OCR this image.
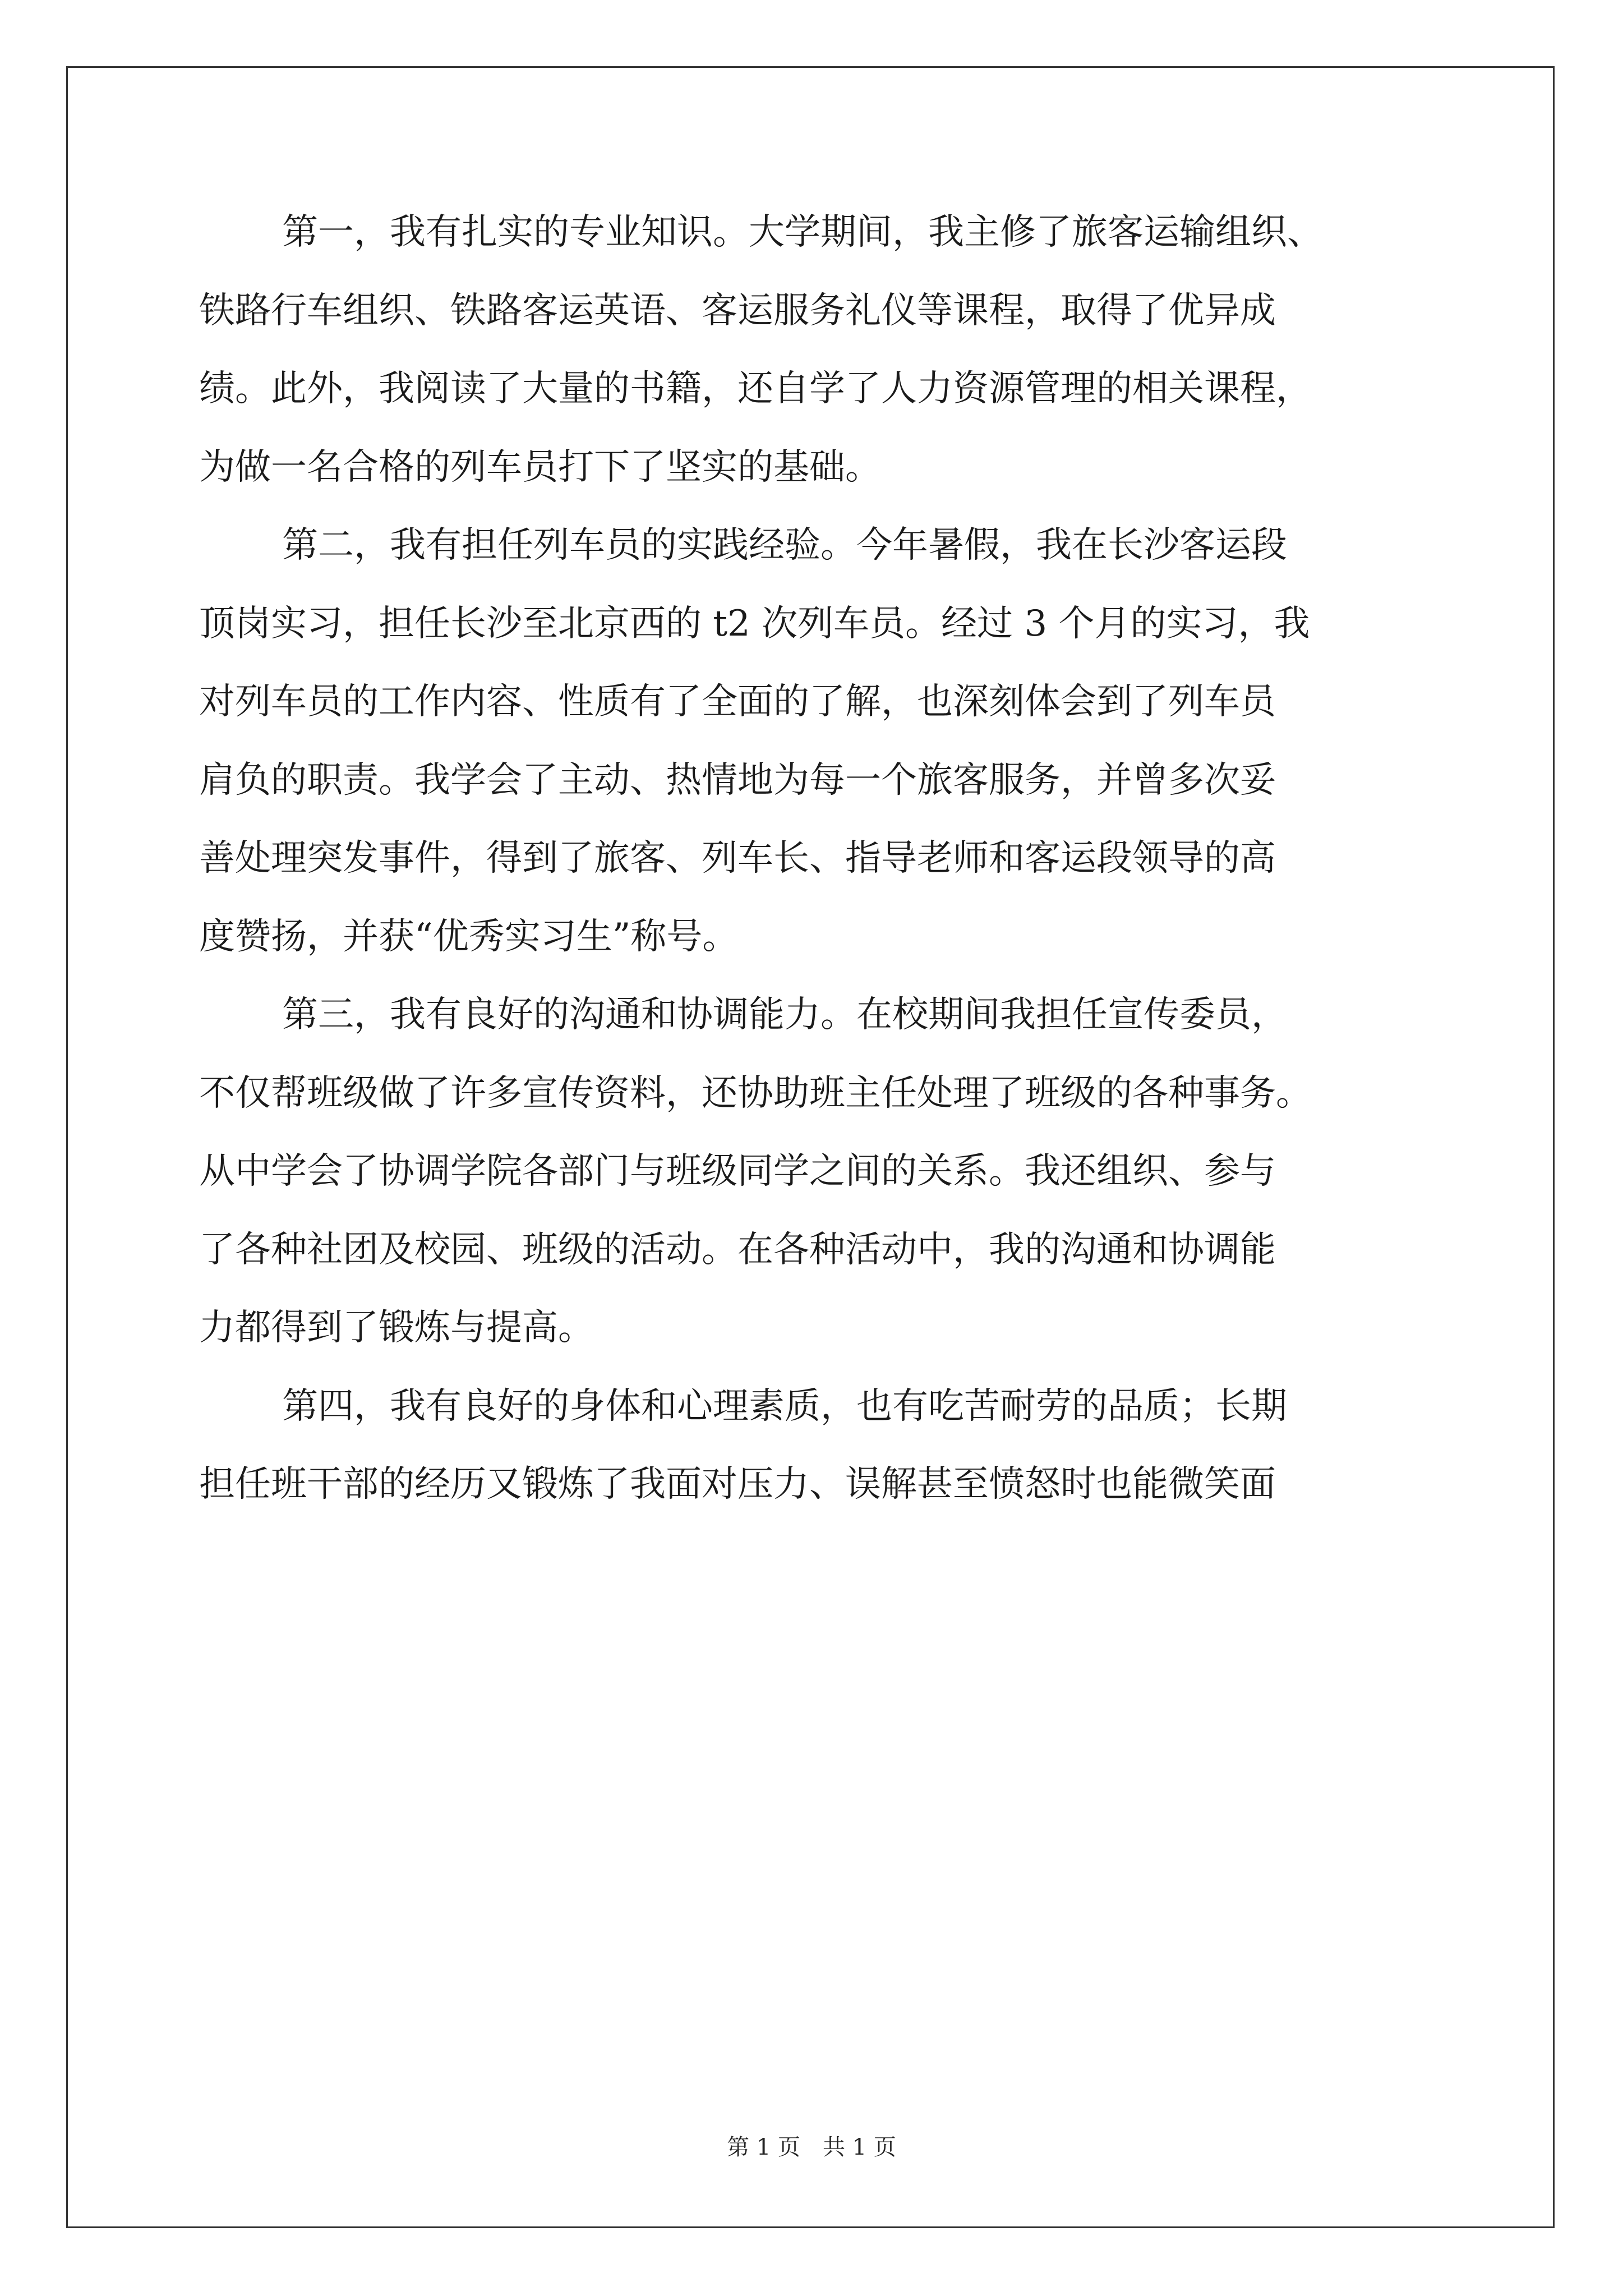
第一，我有扎实的专业知识。大学期间，我主修了旅客运输组织、
铁路行车组织、铁路客运英语、客运服务礼仪等课程，取得了优异成
绩。此外，我阅读了大量的书籍，还自学了人力资源管理的相关课程，
为做一名合格的列车员打下了坚实的基础。
第二，我有担任列车员的实践经验。今年暑假，我在长沙客运段
顶岗实习，担任长沙至北京西的 t2 次列车员。经过 3 个月的实习，我
对列车员的工作内容、性质有了全面的了解，也深刻体会到了列车员
肩负的职责。我学会了主动、热情地为每一个旅客服务，并曾多次妥
善处理突发事件，得到了旅客、列车长、指导老师和客运段领导的高
度赞扬，并获“优秀实习生”称号。
第三，我有良好的沟通和协调能力。在校期间我担任宣传委员，
不仅帮班级做了许多宣传资料，还协助班主任处理了班级的各种事务。
从中学会了协调学院各部门与班级同学之间的关系。我还组织、参与
了各种社团及校园、班级的活动。在各种活动中，我的沟通和协调能
力都得到了锻炼与提高。
第四，我有良好的身体和心理素质，也有吃苦耐劳的品质；长期
担任班干部的经历又锻炼了我面对压力、误解甚至愤怒时也能微笑面
第 1 页 共 1 页
